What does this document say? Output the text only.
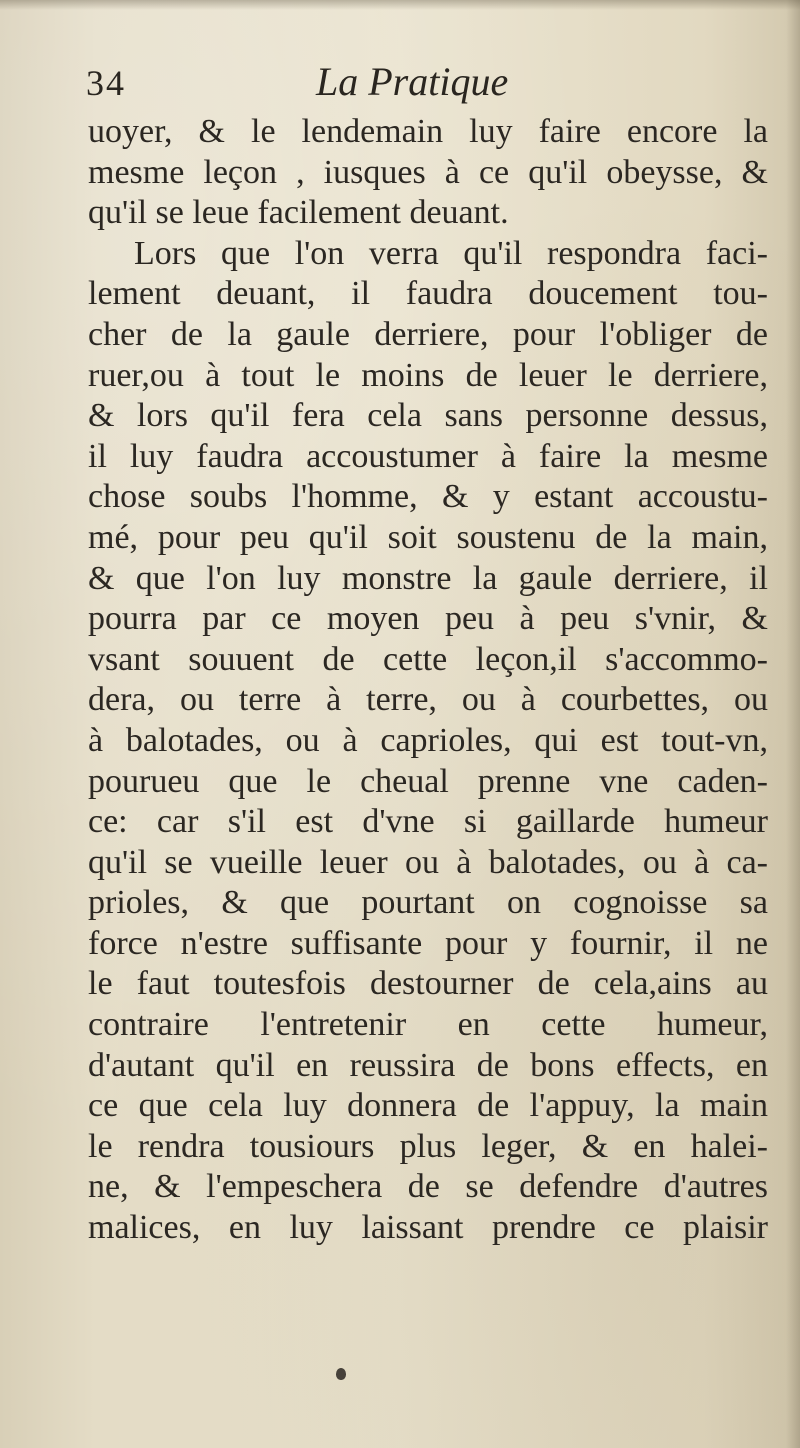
34	La Pratique
uoyer, & le lendemain luy faire encore la
mesme leçon , iusques à ce qu'il obeysse, &
qu'il se leue facilement deuant.
Lors que l'on verra qu'il respondra faci-
lement deuant, il faudra doucement tou-
cher de la gaule derriere, pour l'obliger de
ruer,ou à tout le moins de leuer le derriere,
& lors qu'il fera cela sans personne dessus,
il luy faudra accoustumer à faire la mesme
chose soubs l'homme, & y estant accoustu-
mé, pour peu qu'il soit soustenu de la main,
& que l'on luy monstre la gaule derriere, il
pourra par ce moyen peu à peu s'vnir, &
vsant souuent de cette leçon,il s'accommo-
dera, ou terre à terre, ou à courbettes, ou
à balotades, ou à caprioles, qui est tout-vn,
pourueu que le cheual prenne vne caden-
ce: car s'il est d'vne si gaillarde humeur
qu'il se vueille leuer ou à balotades, ou à ca-
prioles, & que pourtant on cognoisse sa
force n'estre suffisante pour y fournir, il ne
le faut toutesfois destourner de cela,ains au
contraire l'entretenir en cette humeur,
d'autant qu'il en reussira de bons effects, en
ce que cela luy donnera de l'appuy, la main
le rendra tousiours plus leger, & en halei-
ne, & l'empeschera de se defendre d'autres
malices, en luy laissant prendre ce plaisir
